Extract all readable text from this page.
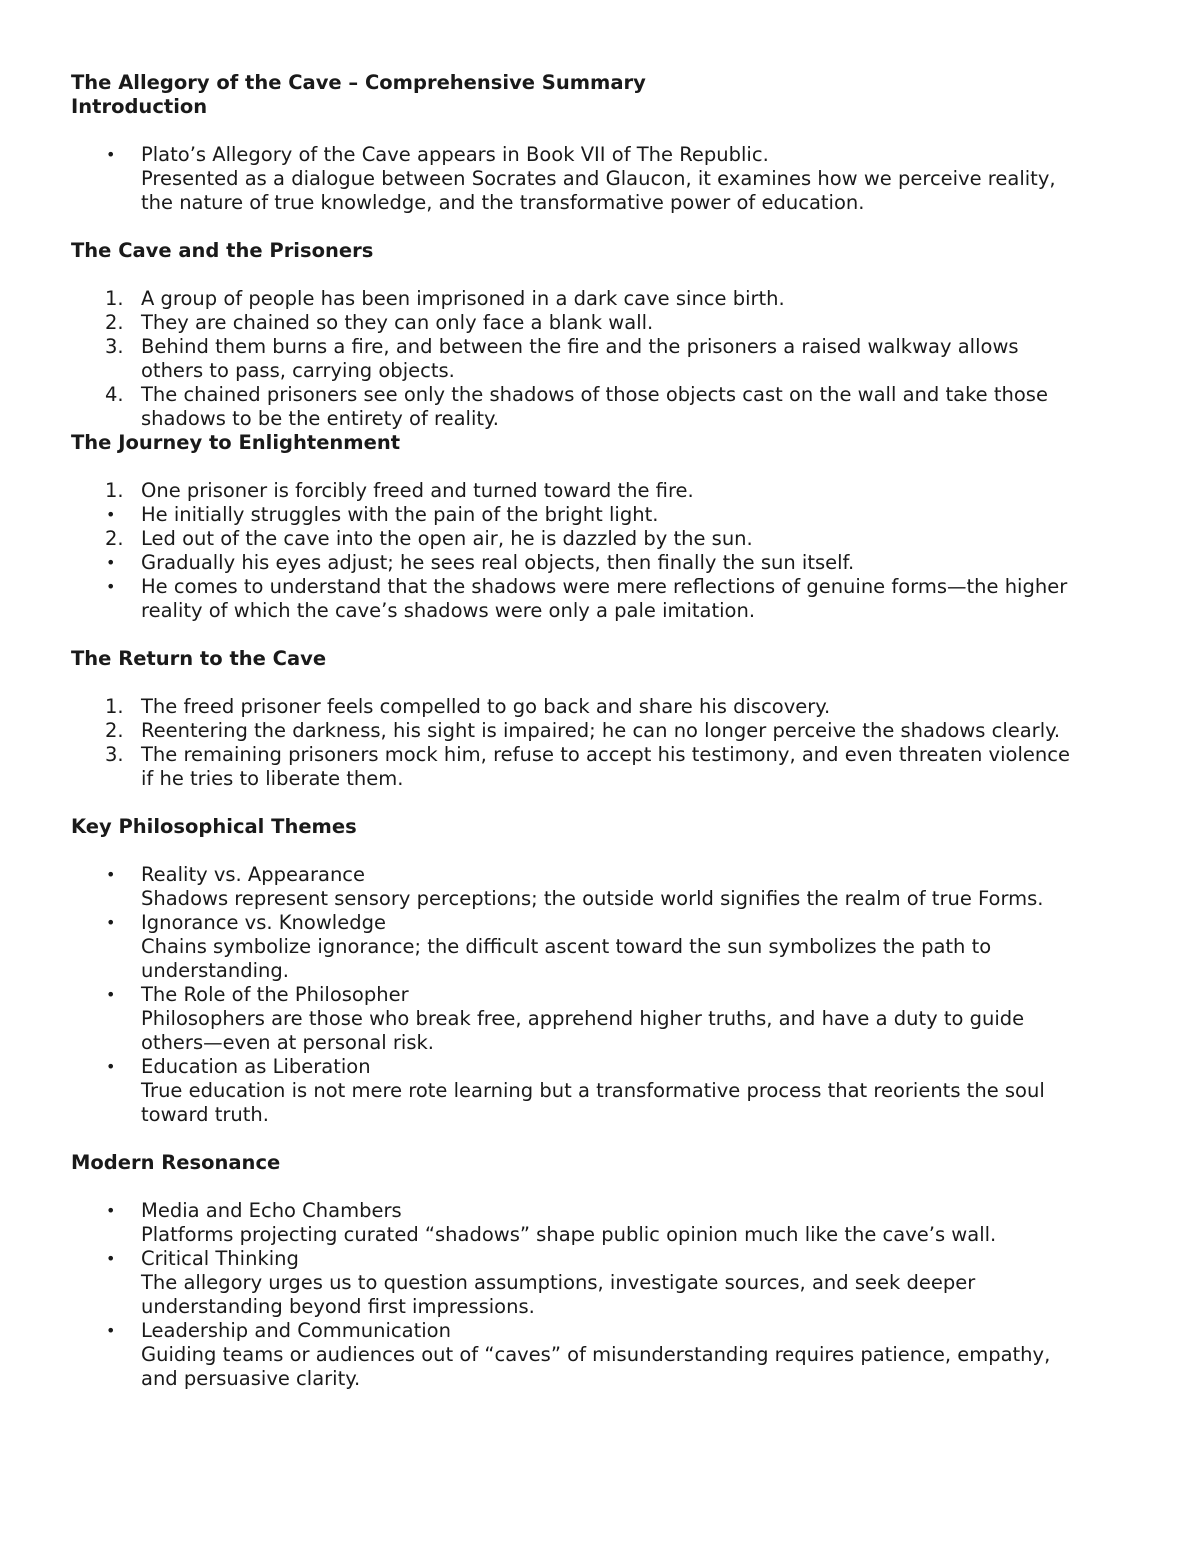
The Allegory of the Cave – Comprehensive Summary
Introduction
• Plato’s Allegory of the Cave appears in Book VII of The Republic.
Presented as a dialogue between Socrates and Glaucon, it examines how we perceive reality,
the nature of true knowledge, and the transformative power of education.
The Cave and the Prisoners
1. A group of people has been imprisoned in a dark cave since birth.
2. They are chained so they can only face a blank wall.
3. Behind them burns a fire, and between the fire and the prisoners a raised walkway allows
others to pass, carrying objects.
4. The chained prisoners see only the shadows of those objects cast on the wall and take those
shadows to be the entirety of reality.
The Journey to Enlightenment
1. One prisoner is forcibly freed and turned toward the fire.
• He initially struggles with the pain of the bright light.
2. Led out of the cave into the open air, he is dazzled by the sun.
• Gradually his eyes adjust; he sees real objects, then finally the sun itself.
• He comes to understand that the shadows were mere reflections of genuine forms—the higher
reality of which the cave’s shadows were only a pale imitation.
The Return to the Cave
1. The freed prisoner feels compelled to go back and share his discovery.
2. Reentering the darkness, his sight is impaired; he can no longer perceive the shadows clearly.
3. The remaining prisoners mock him, refuse to accept his testimony, and even threaten violence
if he tries to liberate them.
Key Philosophical Themes
• Reality vs. Appearance
Shadows represent sensory perceptions; the outside world signifies the realm of true Forms.
• Ignorance vs. Knowledge
Chains symbolize ignorance; the difficult ascent toward the sun symbolizes the path to
understanding.
• The Role of the Philosopher
Philosophers are those who break free, apprehend higher truths, and have a duty to guide
others—even at personal risk.
• Education as Liberation
True education is not mere rote learning but a transformative process that reorients the soul
toward truth.
Modern Resonance
• Media and Echo Chambers
Platforms projecting curated “shadows” shape public opinion much like the cave’s wall.
• Critical Thinking
The allegory urges us to question assumptions, investigate sources, and seek deeper
understanding beyond first impressions.
• Leadership and Communication
Guiding teams or audiences out of “caves” of misunderstanding requires patience, empathy,
and persuasive clarity.
